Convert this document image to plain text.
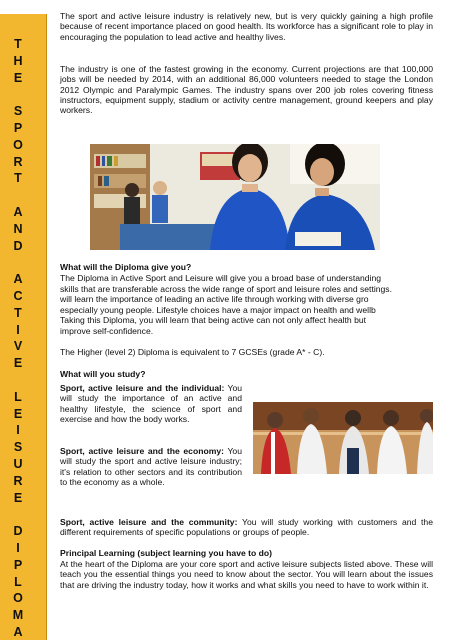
T
H
E
S
P
O
R
T
A
N
D
A
C
T
I
V
E
L
E
I
S
U
R
E
D
I
P
L
O
M
A

The sport and active leisure industry is relatively new, but is very quickly gaining a high profile because of recent importance placed on good health. Its workforce has a significant role to play in encouraging the population to lead active and healthy lives.

The industry is one of the fastest growing in the economy. Current projections are that 100,000 jobs will be needed by 2014, with an additional 86,000 volunteers needed to stage the London 2012 Olympic and Paralympic Games. The industry spans over 200 job roles covering fitness instructors, equipment supply, stadium or activity centre management, ground keepers and play workers.

What will the Diploma give you?

The Diploma in Active Sport and Leisure will give you a broad base of understanding
skills that are transferable across the wide range of sport and leisure roles and settings.
will learn the importance of leading an active life through working with diverse gro
especially young people. Lifestyle choices have a major impact on health and wellb
Taking this Diploma, you will learn that being active can not only affect health but
improve self-confidence.

The Higher (level 2) Diploma is equivalent to 7 GCSEs (grade A* - C).

What will you study?

Sport, active leisure and the individual: You will study the importance of an active and healthy lifestyle, the science of sport and exercise and how the body works.

Sport, active leisure and the economy: You will study the sport and active leisure industry; it's relation to other sectors and its contribution to the economy as a whole.

Sport, active leisure and the community: You will study working with customers and the different requirements of specific populations or groups of people.

Principal Learning (subject learning you have to do)

At the heart of the Diploma are your core sport and active leisure subjects listed above. These will teach you the essential things you need to know about the sector. You will learn about the issues that are driving the industry today, how it works and what skills you need to have to work within it.
